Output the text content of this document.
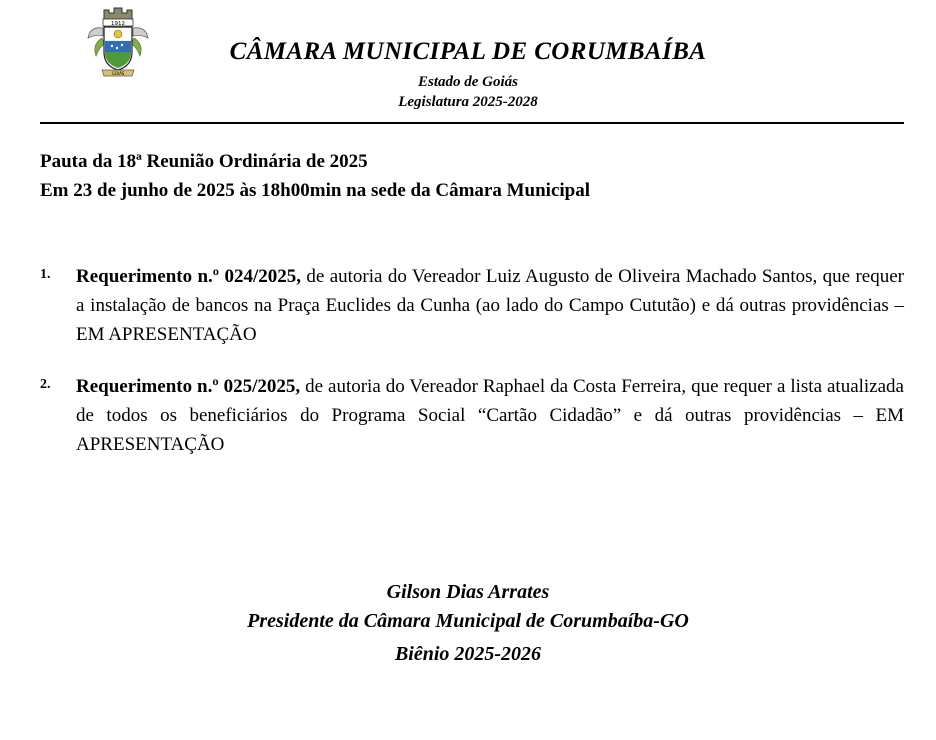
1912
GOIÁS
CÂMARA MUNICIPAL DE CORUMBAÍBA
Estado de Goiás
Legislatura 2025-2028
Pauta da 18ª Reunião Ordinária de 2025
Em 23 de junho de 2025 às 18h00min na sede da Câmara Municipal
1. Requerimento n.º 024/2025, de autoria do Vereador Luiz Augusto de Oliveira Machado Santos, que requer a instalação de bancos na Praça Euclides da Cunha (ao lado do Campo Cututão) e dá outras providências – EM APRESENTAÇÃO
2. Requerimento n.º 025/2025, de autoria do Vereador Raphael da Costa Ferreira, que requer a lista atualizada de todos os beneficiários do Programa Social “Cartão Cidadão” e dá outras providências – EM APRESENTAÇÃO
Gilson Dias Arrates
Presidente da Câmara Municipal de Corumbaíba-GO
Biênio 2025-2026
